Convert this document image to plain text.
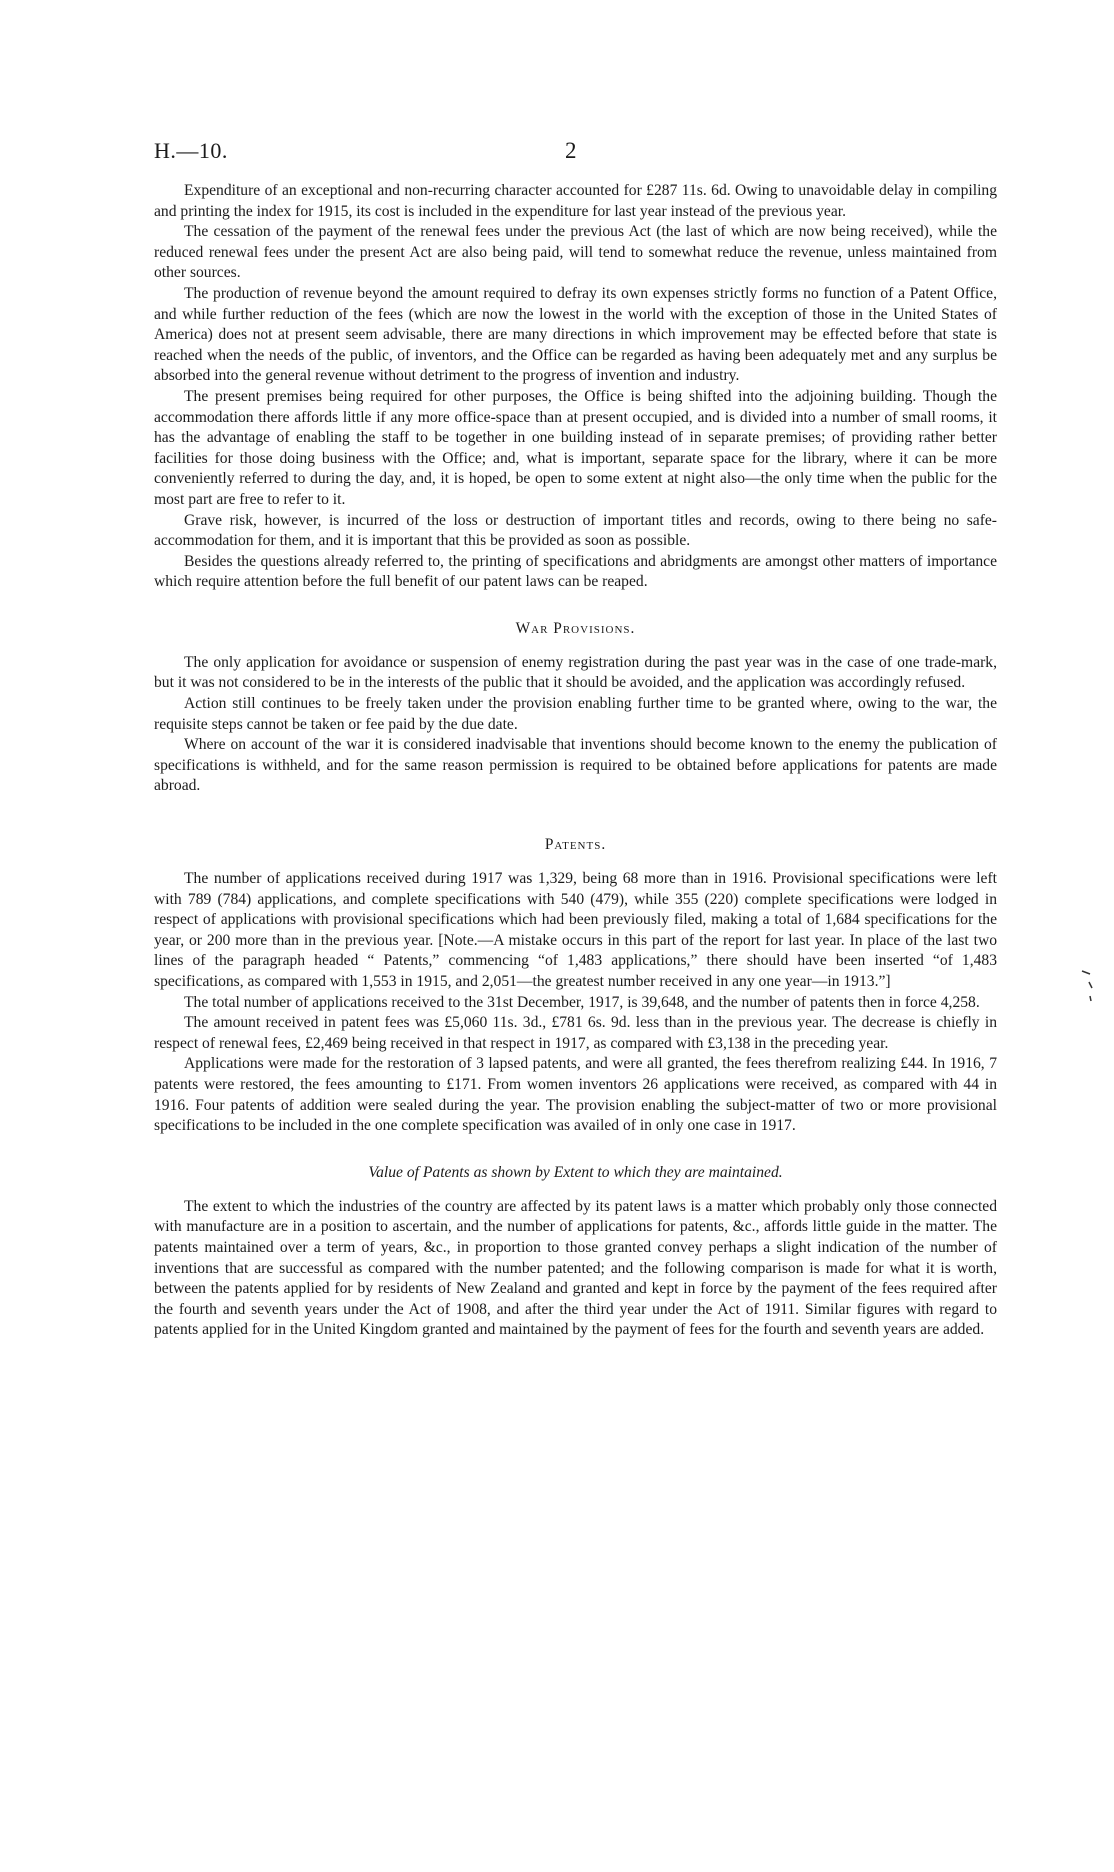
H.—10.	2

Expenditure of an exceptional and non-recurring character accounted for £287 11s. 6d. Owing to unavoidable delay in compiling and printing the index for 1915, its cost is included in the expenditure for last year instead of the previous year.

The cessation of the payment of the renewal fees under the previous Act (the last of which are now being received), while the reduced renewal fees under the present Act are also being paid, will tend to somewhat reduce the revenue, unless maintained from other sources.

The production of revenue beyond the amount required to defray its own expenses strictly forms no function of a Patent Office, and while further reduction of the fees (which are now the lowest in the world with the exception of those in the United States of America) does not at present seem advisable, there are many directions in which improvement may be effected before that state is reached when the needs of the public, of inventors, and the Office can be regarded as having been adequately met and any surplus be absorbed into the general revenue without detriment to the progress of invention and industry.

The present premises being required for other purposes, the Office is being shifted into the adjoining building. Though the accommodation there affords little if any more office-space than at present occupied, and is divided into a number of small rooms, it has the advantage of enabling the staff to be together in one building instead of in separate premises; of providing rather better facilities for those doing business with the Office; and, what is important, separate space for the library, where it can be more conveniently referred to during the day, and, it is hoped, be open to some extent at night also—the only time when the public for the most part are free to refer to it.

Grave risk, however, is incurred of the loss or destruction of important titles and records, owing to there being no safe-accommodation for them, and it is important that this be provided as soon as possible.

Besides the questions already referred to, the printing of specifications and abridgments are amongst other matters of importance which require attention before the full benefit of our patent laws can be reaped.

War Provisions.

The only application for avoidance or suspension of enemy registration during the past year was in the case of one trade-mark, but it was not considered to be in the interests of the public that it should be avoided, and the application was accordingly refused.

Action still continues to be freely taken under the provision enabling further time to be granted where, owing to the war, the requisite steps cannot be taken or fee paid by the due date.

Where on account of the war it is considered inadvisable that inventions should become known to the enemy the publication of specifications is withheld, and for the same reason permission is required to be obtained before applications for patents are made abroad.

Patents.

The number of applications received during 1917 was 1,329, being 68 more than in 1916. Provisional specifications were left with 789 (784) applications, and complete specifications with 540 (479), while 355 (220) complete specifications were lodged in respect of applications with provisional specifications which had been previously filed, making a total of 1,684 specifications for the year, or 200 more than in the previous year. [Note.—A mistake occurs in this part of the report for last year. In place of the last two lines of the paragraph headed “ Patents,” commencing “of 1,483 applications,” there should have been inserted “of 1,483 specifications, as compared with 1,553 in 1915, and 2,051—the greatest number received in any one year—in 1913.”]

The total number of applications received to the 31st December, 1917, is 39,648, and the number of patents then in force 4,258.

The amount received in patent fees was £5,060 11s. 3d., £781 6s. 9d. less than in the previous year. The decrease is chiefly in respect of renewal fees, £2,469 being received in that respect in 1917, as compared with £3,138 in the preceding year.

Applications were made for the restoration of 3 lapsed patents, and were all granted, the fees therefrom realizing £44. In 1916, 7 patents were restored, the fees amounting to £171. From women inventors 26 applications were received, as compared with 44 in 1916. Four patents of addition were sealed during the year. The provision enabling the subject-matter of two or more provisional specifications to be included in the one complete specification was availed of in only one case in 1917.

Value of Patents as shown by Extent to which they are maintained.

The extent to which the industries of the country are affected by its patent laws is a matter which probably only those connected with manufacture are in a position to ascertain, and the number of applications for patents, &c., affords little guide in the matter. The patents maintained over a term of years, &c., in proportion to those granted convey perhaps a slight indication of the number of inventions that are successful as compared with the number patented; and the following comparison is made for what it is worth, between the patents applied for by residents of New Zealand and granted and kept in force by the payment of the fees required after the fourth and seventh years under the Act of 1908, and after the third year under the Act of 1911. Similar figures with regard to patents applied for in the United Kingdom granted and maintained by the payment of fees for the fourth and seventh years are added.
